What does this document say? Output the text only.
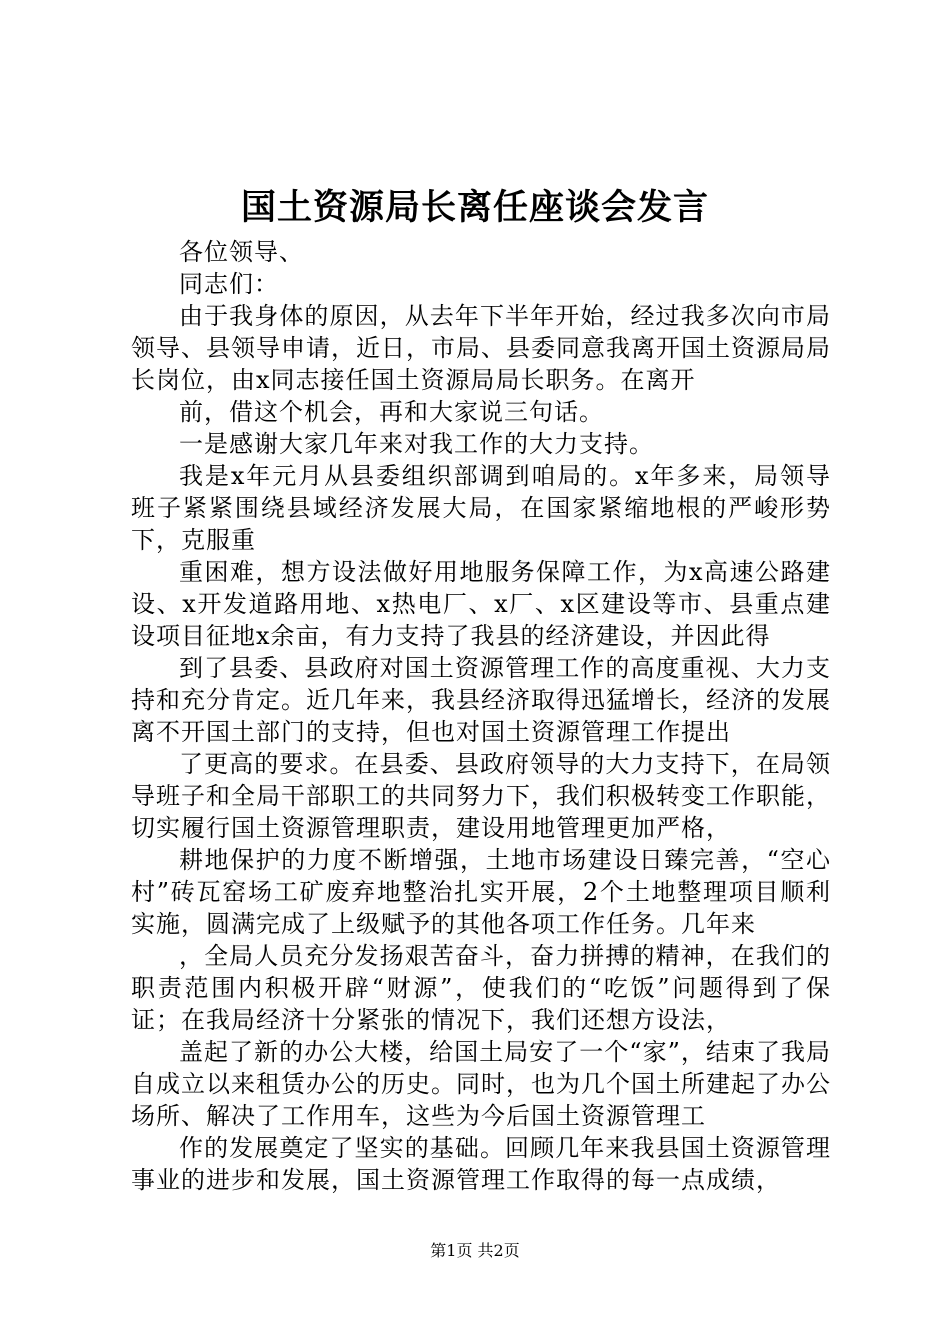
国土资源局长离任座谈会发言

各位领导、

同志们：

由于我身体的原因，从去年下半年开始，经过我多次向市局领导、县领导申请，近日，市局、县委同意我离开国土资源局局长岗位，由x同志接任国土资源局局长职务。在离开

前，借这个机会，再和大家说三句话。

一是感谢大家几年来对我工作的大力支持。

我是x年元月从县委组织部调到咱局的。x年多来，局领导班子紧紧围绕县域经济发展大局，在国家紧缩地根的严峻形势下，克服重

重困难，想方设法做好用地服务保障工作，为x高速公路建设、x开发道路用地、x热电厂、x厂、x区建设等市、县重点建设项目征地x余亩，有力支持了我县的经济建设，并因此得

到了县委、县政府对国土资源管理工作的高度重视、大力支持和充分肯定。近几年来，我县经济取得迅猛增长，经济的发展离不开国土部门的支持，但也对国土资源管理工作提出

了更高的要求。在县委、县政府领导的大力支持下，在局领导班子和全局干部职工的共同努力下，我们积极转变工作职能，切实履行国土资源管理职责，建设用地管理更加严格，

耕地保护的力度不断增强，土地市场建设日臻完善，“空心村”砖瓦窑场工矿废弃地整治扎实开展，2个土地整理项目顺利实施，圆满完成了上级赋予的其他各项工作任务。几年来

，全局人员充分发扬艰苦奋斗，奋力拼搏的精神，在我们的职责范围内积极开辟“财源”，使我们的“吃饭”问题得到了保证；在我局经济十分紧张的情况下，我们还想方设法，

盖起了新的办公大楼，给国土局安了一个“家”，结束了我局自成立以来租赁办公的历史。同时，也为几个国土所建起了办公场所、解决了工作用车，这些为今后国土资源管理工

作的发展奠定了坚实的基础。回顾几年来我县国土资源管理事业的进步和发展，国土资源管理工作取得的每一点成绩，

第1页 共2页
